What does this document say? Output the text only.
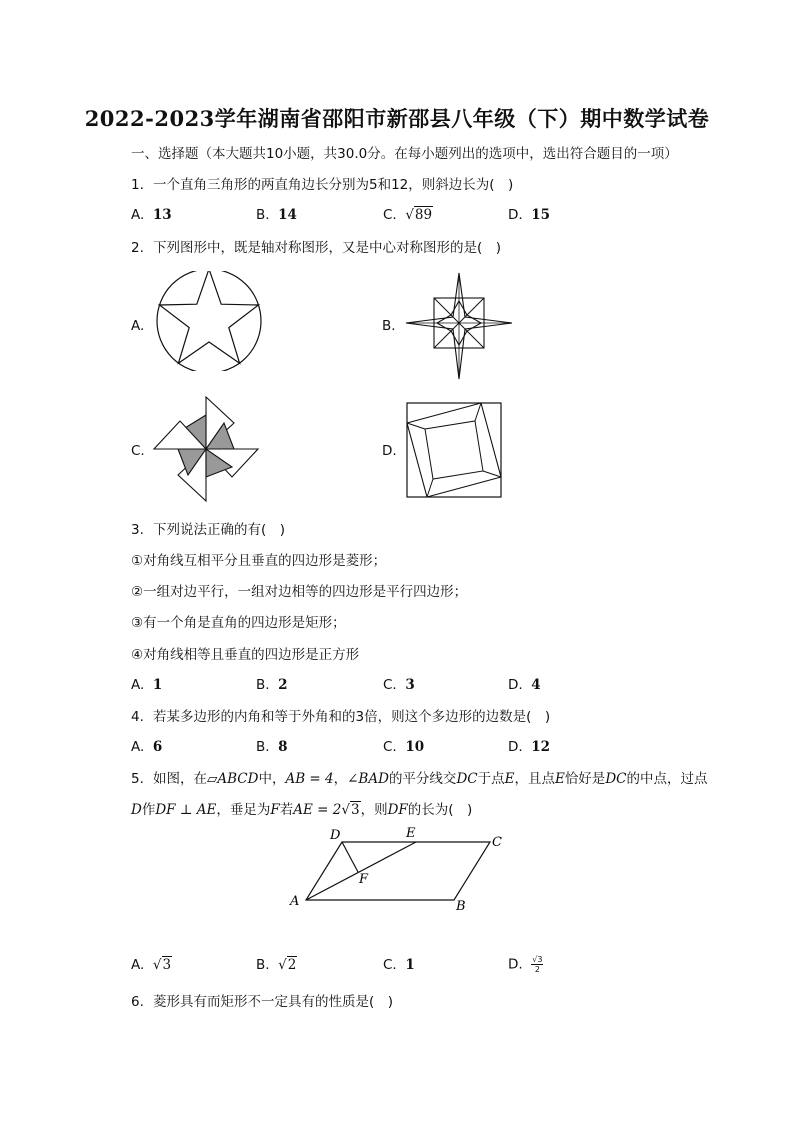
2022-2023学年湖南省邵阳市新邵县八年级（下）期中数学试卷
一、选择题（本大题共10小题，共30.0分。在每小题列出的选项中，选出符合题目的一项）
1. 一个直角三角形的两直角边长分别为5和12，则斜边长为(　)
A. 13	B. 14	C. √89	D. 15
2. 下列图形中，既是轴对称图形，又是中心对称图形的是(　)
A.	B.
C.	D.
3. 下列说法正确的有(　)
①对角线互相平分且垂直的四边形是菱形；
②一组对边平行，一组对边相等的四边形是平行四边形；
③有一个角是直角的四边形是矩形；
④对角线相等且垂直的四边形是正方形
A. 1	B. 2	C. 3	D. 4
4. 若某多边形的内角和等于外角和的3倍，则这个多边形的边数是(　)
A. 6	B. 8	C. 10	D. 12
5. 如图，在▱ABCD中，AB = 4，∠BAD的平分线交DC于点E，且点E恰好是DC的中点，过点
D作DF ⊥ AE，垂足为F若AE = 2√3，则DF的长为(　)
D	E
C
F
A	B
A. √3	B. √2	C. 1	D. $\frac{√3}{2}$
6. 菱形具有而矩形不一定具有的性质是(　)
